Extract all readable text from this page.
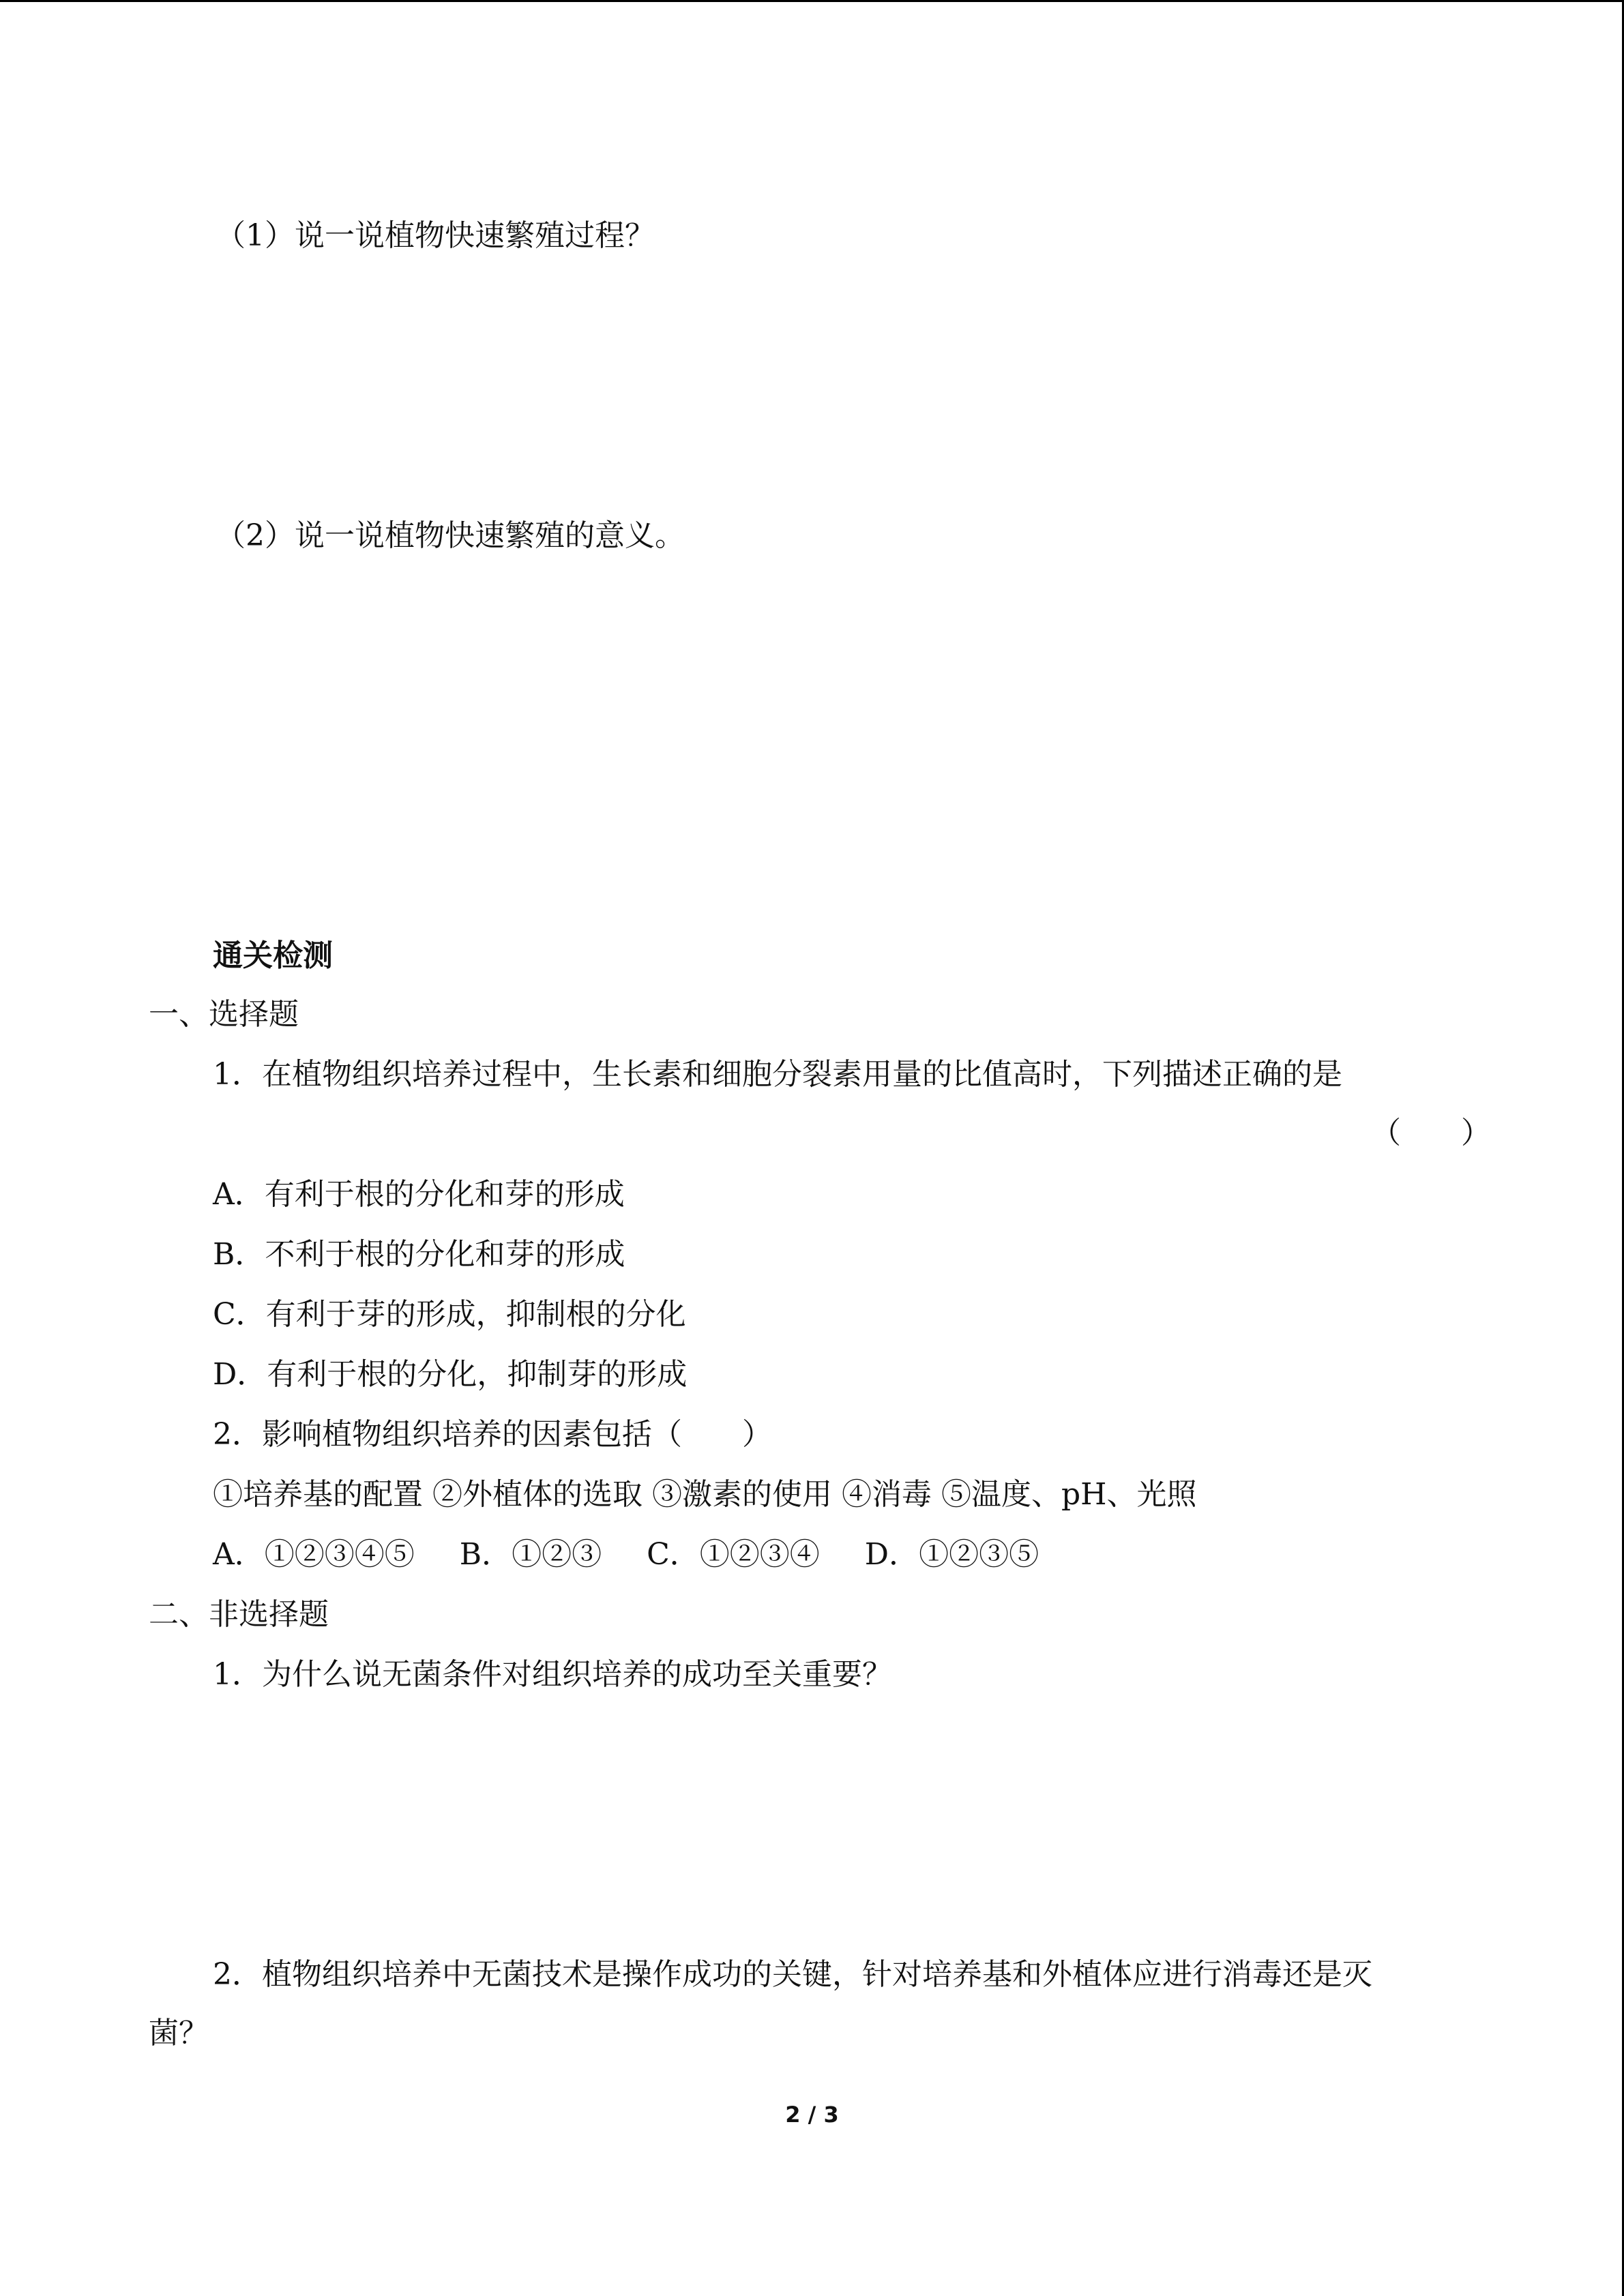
（1）说一说植物快速繁殖过程？
（2）说一说植物快速繁殖的意义。
通关检测
一、选择题
1．在植物组织培养过程中，生长素和细胞分裂素用量的比值高时，下列描述正确的是
（　　）
A．有利于根的分化和芽的形成
B．不利于根的分化和芽的形成
C．有利于芽的形成，抑制根的分化
D．有利于根的分化，抑制芽的形成
2．影响植物组织培养的因素包括（　　）
①培养基的配置 ②外植体的选取 ③激素的使用 ④消毒 ⑤温度、pH、光照
A．①②③④⑤ B．①②③ C．①②③④ D．①②③⑤
二、非选择题
1．为什么说无菌条件对组织培养的成功至关重要？
2．植物组织培养中无菌技术是操作成功的关键，针对培养基和外植体应进行消毒还是灭
菌？
2 / 3
